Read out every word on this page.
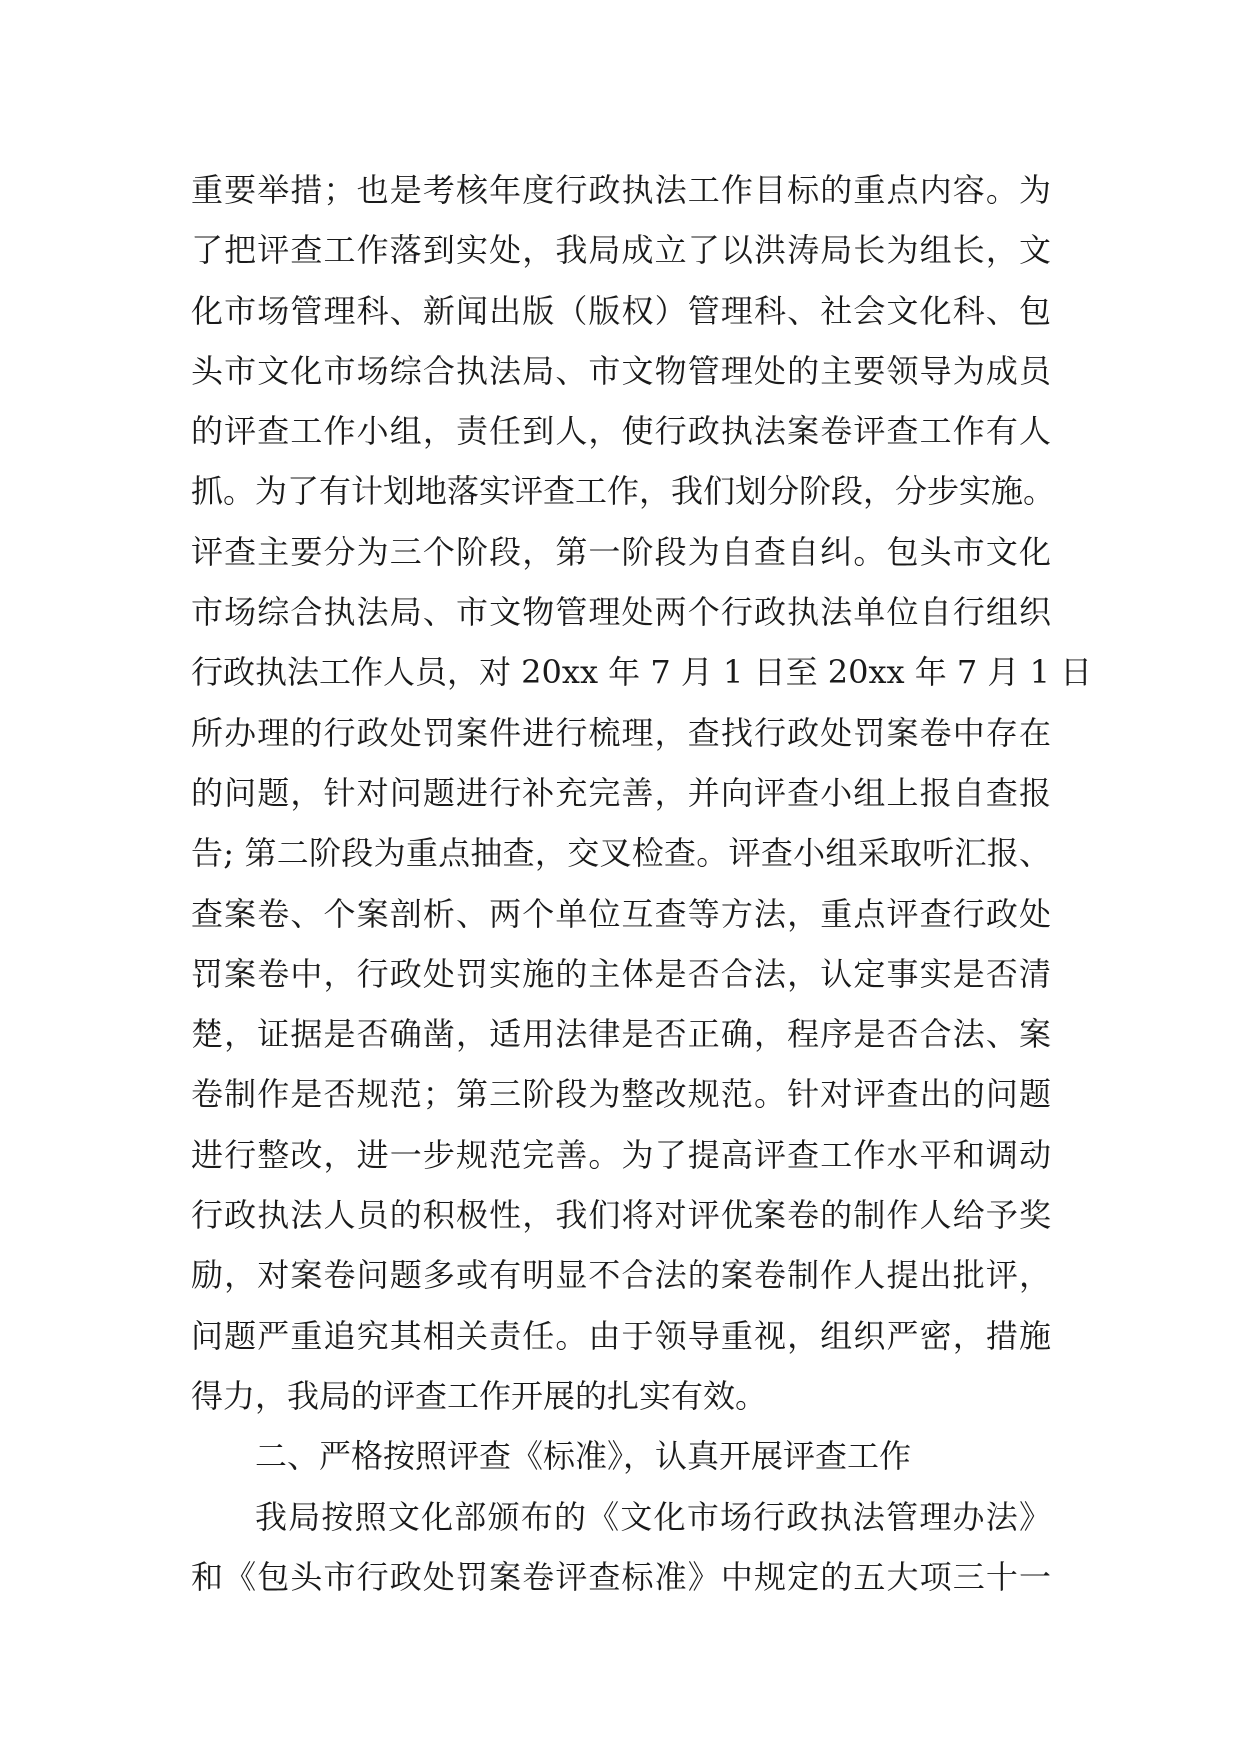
重要举措；也是考核年度行政执法工作目标的重点内容。为
了把评查工作落到实处，我局成立了以洪涛局长为组长，文
化市场管理科、新闻出版（版权）管理科、社会文化科、包
头市文化市场综合执法局、市文物管理处的主要领导为成员
的评查工作小组，责任到人，使行政执法案卷评查工作有人
抓。为了有计划地落实评查工作，我们划分阶段，分步实施。
评查主要分为三个阶段，第一阶段为自查自纠。包头市文化
市场综合执法局、市文物管理处两个行政执法单位自行组织
行政执法工作人员，对 20xx 年 7 月 1 日至 20xx 年 7 月 1 日
所办理的行政处罚案件进行梳理，查找行政处罚案卷中存在
的问题，针对问题进行补充完善，并向评查小组上报自查报
告; 第二阶段为重点抽查，交叉检查。评查小组采取听汇报、
查案卷、个案剖析、两个单位互查等方法，重点评查行政处
罚案卷中，行政处罚实施的主体是否合法，认定事实是否清
楚，证据是否确凿，适用法律是否正确，程序是否合法、案
卷制作是否规范；第三阶段为整改规范。针对评查出的问题
进行整改，进一步规范完善。为了提高评查工作水平和调动
行政执法人员的积极性，我们将对评优案卷的制作人给予奖
励，对案卷问题多或有明显不合法的案卷制作人提出批评，
问题严重追究其相关责任。由于领导重视，组织严密，措施
得力，我局的评查工作开展的扎实有效。
二、严格按照评查《标准》，认真开展评查工作
我局按照文化部颁布的《文化市场行政执法管理办法》
和《包头市行政处罚案卷评查标准》中规定的五大项三十一
